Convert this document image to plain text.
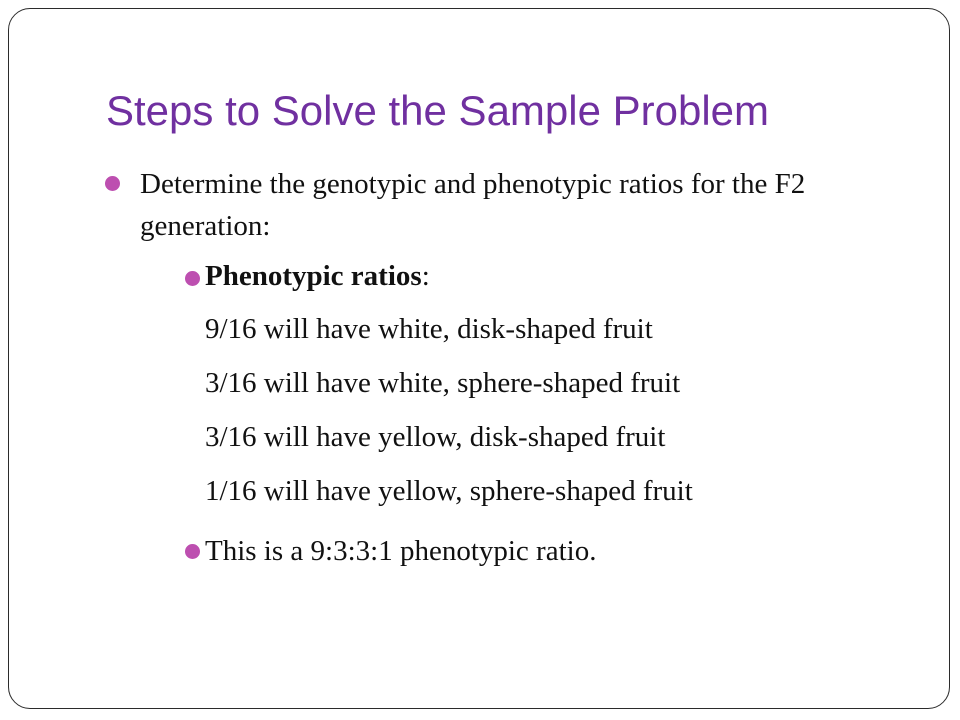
Steps to Solve the Sample Problem
Determine the genotypic and phenotypic ratios for the F2 generation:
Phenotypic ratios:
9/16 will have white, disk-shaped fruit
3/16 will have white, sphere-shaped fruit
3/16 will have yellow, disk-shaped fruit
1/16 will have yellow, sphere-shaped fruit
This is a 9:3:3:1 phenotypic ratio.
